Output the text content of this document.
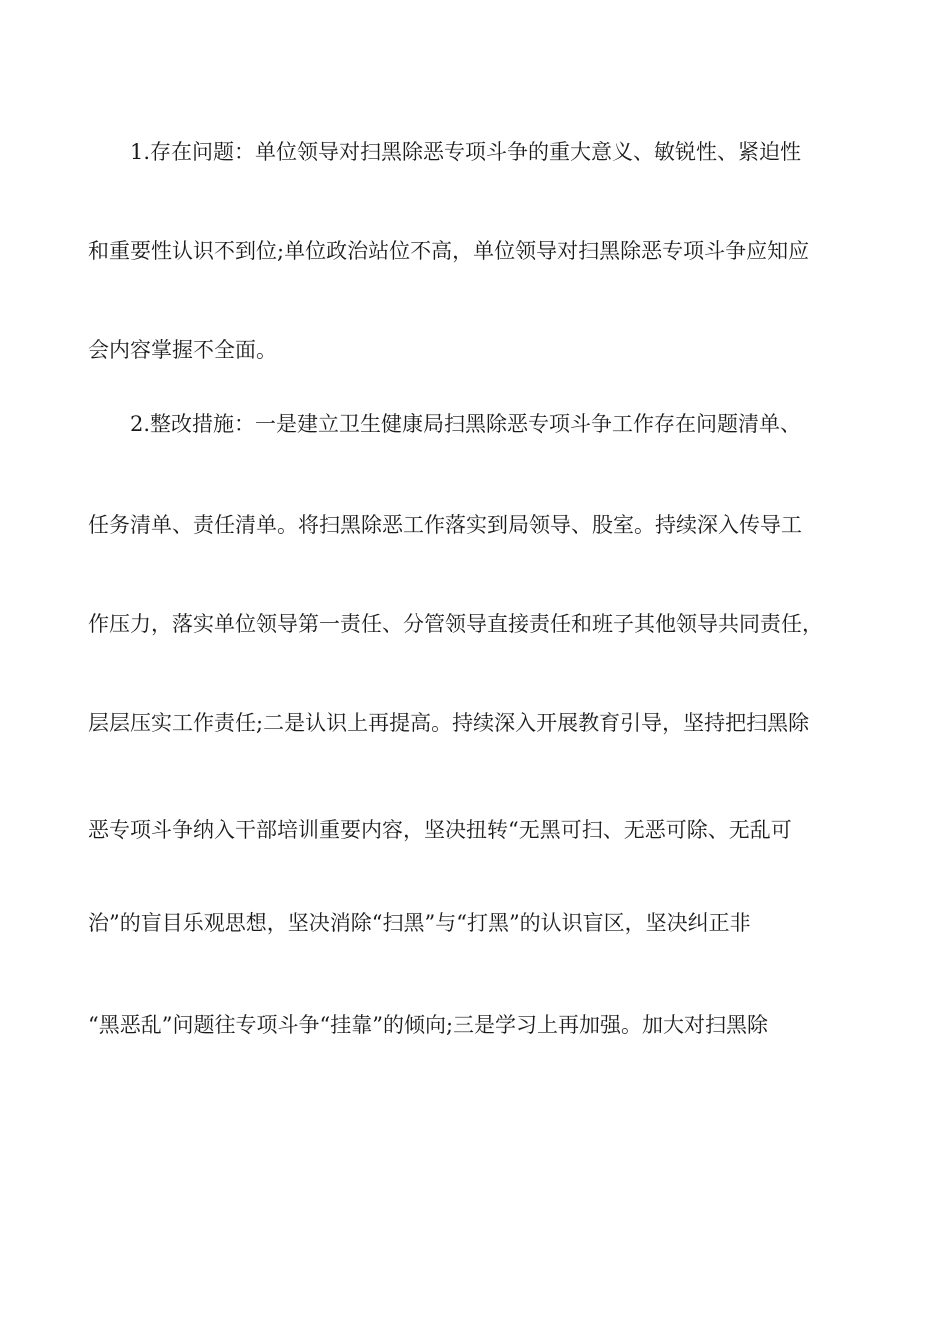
1.存在问题：单位领导对扫黑除恶专项斗争的重大意义、敏锐性、紧迫性
和重要性认识不到位;单位政治站位不高，单位领导对扫黑除恶专项斗争应知应
会内容掌握不全面。
2.整改措施：一是建立卫生健康局扫黑除恶专项斗争工作存在问题清单、
任务清单、责任清单。将扫黑除恶工作落实到局领导、股室。持续深入传导工
作压力，落实单位领导第一责任、分管领导直接责任和班子其他领导共同责任，
层层压实工作责任;二是认识上再提高。持续深入开展教育引导，坚持把扫黑除
恶专项斗争纳入干部培训重要内容，坚决扭转“无黑可扫、无恶可除、无乱可
治”的盲目乐观思想，坚决消除“扫黑”与“打黑”的认识盲区，坚决纠正非
“黑恶乱”问题往专项斗争“挂靠”的倾向;三是学习上再加强。加大对扫黑除
